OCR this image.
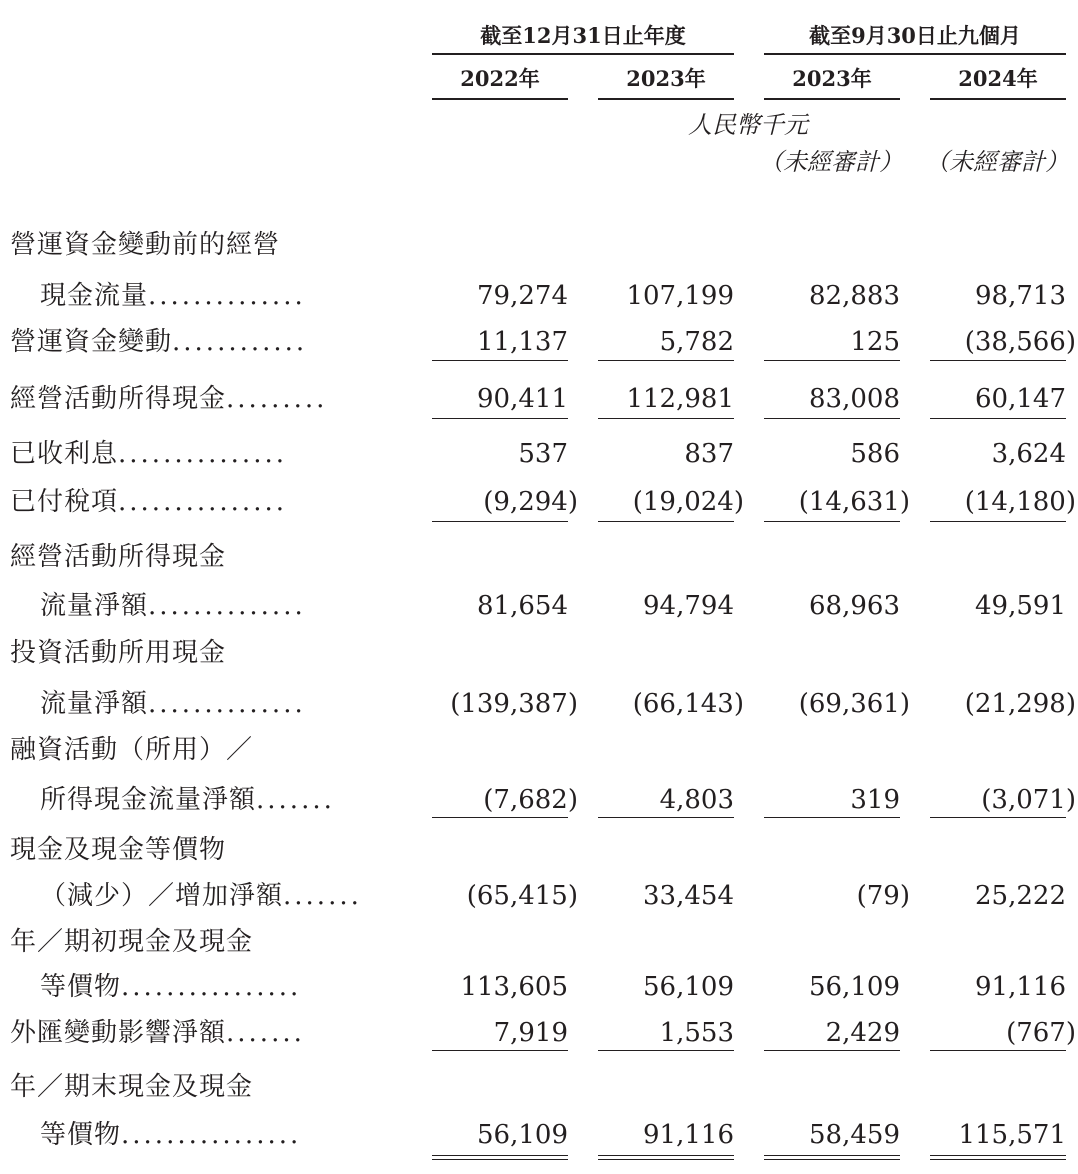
截至12月31日止年度	截至9月30日止九個月
2022年	2023年	2023年	2024年
人民幣千元
（未經審計） （未經審計）
營運資金變動前的經營
現金流量..............	79,274	107,199	82,883	98,713
營運資金變動............	11,137	5,782	125	(38,566)
經營活動所得現金.........	90,411	112,981	83,008	60,147
已收利息...............	537	837	586	3,624
已付稅項...............	(9,294)	(19,024)	(14,631)	(14,180)
經營活動所得現金
流量淨額..............	81,654	94,794	68,963	49,591
投資活動所用現金
流量淨額..............	(139,387)	(66,143)	(69,361)	(21,298)
融資活動（所用）／
所得現金流量淨額.......	(7,682)	4,803	319	(3,071)
現金及現金等價物
（減少）／增加淨額.......	(65,415)	33,454	(79)	25,222
年／期初現金及現金
等價物................	113,605	56,109	56,109	91,116
外匯變動影響淨額.......	7,919	1,553	2,429	(767)
年／期末現金及現金
等價物................	56,109	91,116	58,459	115,571
